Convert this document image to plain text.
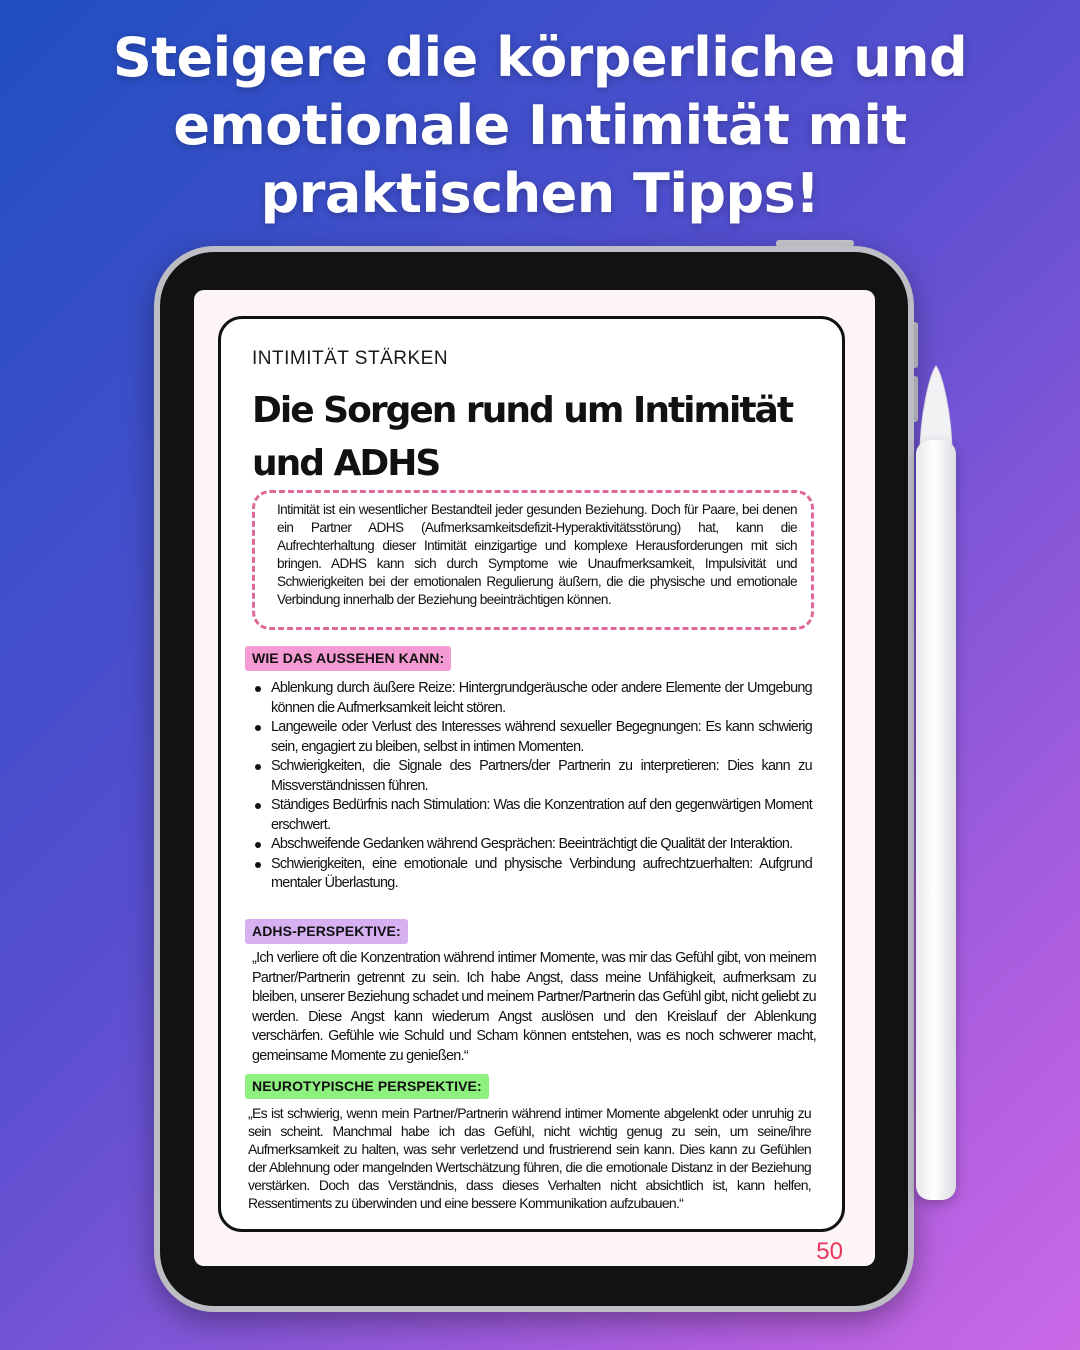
Steigere die körperliche und
emotionale Intimität mit
praktischen Tipps!
INTIMITÄT STÄRKEN
Die Sorgen rund um Intimität und ADHS
Intimität ist ein wesentlicher Bestandteil jeder gesunden Beziehung. Doch für Paare, bei denen ein Partner ADHS (Aufmerksamkeitsdefizit-Hyperaktivitätsstörung) hat, kann die Aufrechterhaltung dieser Intimität einzigartige und komplexe Herausforderungen mit sich bringen. ADHS kann sich durch Symptome wie Unaufmerksamkeit, Impulsivität und Schwierigkeiten bei der emotionalen Regulierung äußern, die die physische und emotionale Verbindung innerhalb der Beziehung beeinträchtigen können.
WIE DAS AUSSEHEN KANN:
Ablenkung durch äußere Reize: Hintergrundgeräusche oder andere Elemente der Umgebung können die Aufmerksamkeit leicht stören.
Langeweile oder Verlust des Interesses während sexueller Begegnungen: Es kann schwierig sein, engagiert zu bleiben, selbst in intimen Momenten.
Schwierigkeiten, die Signale des Partners/der Partnerin zu interpretieren: Dies kann zu Missverständnissen führen.
Ständiges Bedürfnis nach Stimulation: Was die Konzentration auf den gegenwärtigen Moment erschwert.
Abschweifende Gedanken während Gesprächen: Beeinträchtigt die Qualität der Interaktion.
Schwierigkeiten, eine emotionale und physische Verbindung aufrechtzuerhalten: Aufgrund mentaler Überlastung.
ADHS-PERSPEKTIVE:
„Ich verliere oft die Konzentration während intimer Momente, was mir das Gefühl gibt, von meinem Partner/Partnerin getrennt zu sein. Ich habe Angst, dass meine Unfähigkeit, aufmerksam zu bleiben, unserer Beziehung schadet und meinem Partner/Partnerin das Gefühl gibt, nicht geliebt zu werden. Diese Angst kann wiederum Angst auslösen und den Kreislauf der Ablenkung verschärfen. Gefühle wie Schuld und Scham können entstehen, was es noch schwerer macht, gemeinsame Momente zu genießen.“
NEUROTYPISCHE PERSPEKTIVE:
„Es ist schwierig, wenn mein Partner/Partnerin während intimer Momente abgelenkt oder unruhig zu sein scheint. Manchmal habe ich das Gefühl, nicht wichtig genug zu sein, um seine/ihre Aufmerksamkeit zu halten, was sehr verletzend und frustrierend sein kann. Dies kann zu Gefühlen der Ablehnung oder mangelnden Wertschätzung führen, die die emotionale Distanz in der Beziehung verstärken. Doch das Verständnis, dass dieses Verhalten nicht absichtlich ist, kann helfen, Ressentiments zu überwinden und eine bessere Kommunikation aufzubauen.“
50
